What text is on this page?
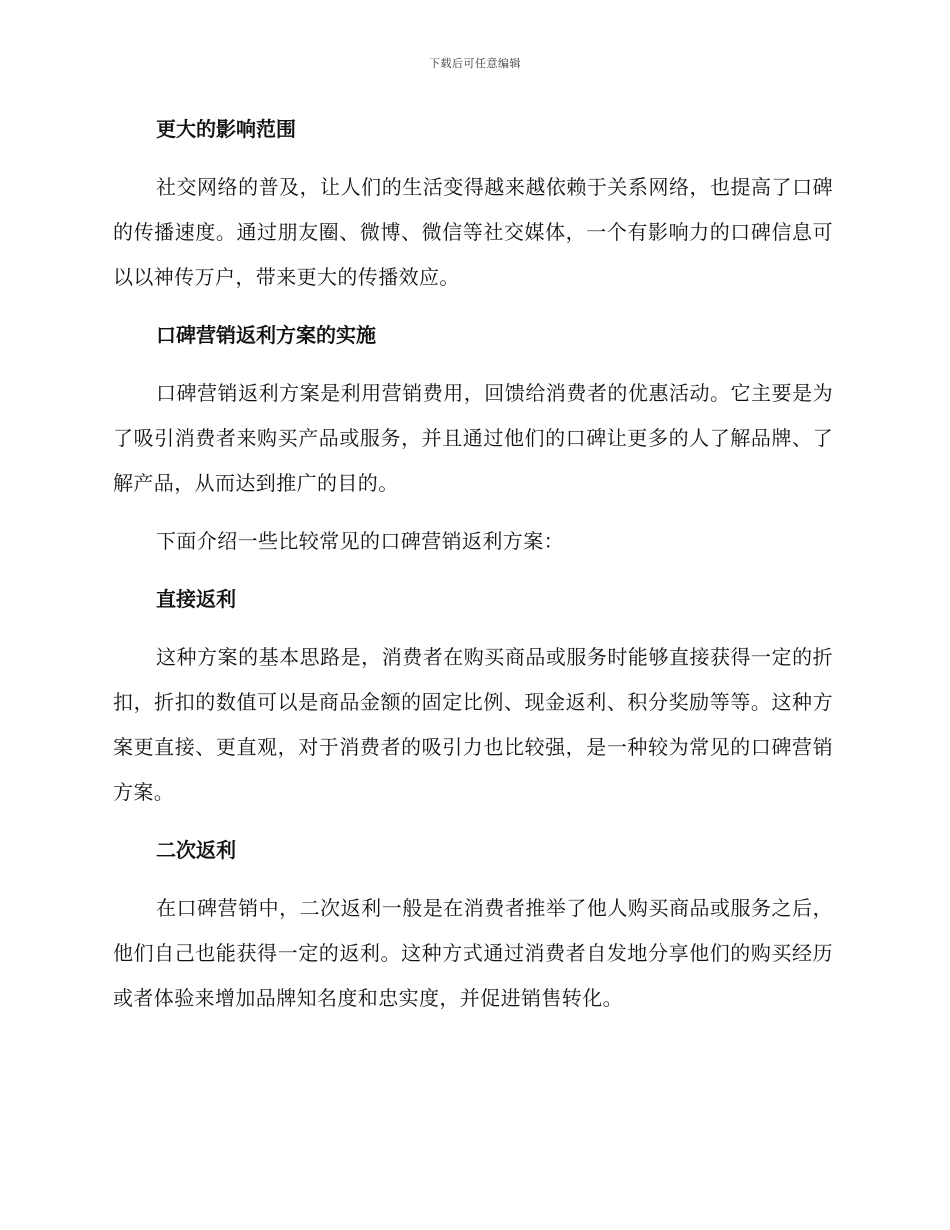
下载后可任意编辑
更大的影响范围

社交网络的普及，让人们的生活变得越来越依赖于关系网络，也提高了口碑的传播速度。通过朋友圈、微博、微信等社交媒体，一个有影响力的口碑信息可以以神传万户，带来更大的传播效应。

口碑营销返利方案的实施

口碑营销返利方案是利用营销费用，回馈给消费者的优惠活动。它主要是为了吸引消费者来购买产品或服务，并且通过他们的口碑让更多的人了解品牌、了解产品，从而达到推广的目的。

下面介绍一些比较常见的口碑营销返利方案：

直接返利

这种方案的基本思路是，消费者在购买商品或服务时能够直接获得一定的折扣，折扣的数值可以是商品金额的固定比例、现金返利、积分奖励等等。这种方案更直接、更直观，对于消费者的吸引力也比较强，是一种较为常见的口碑营销方案。

二次返利

在口碑营销中，二次返利一般是在消费者推举了他人购买商品或服务之后，他们自己也能获得一定的返利。这种方式通过消费者自发地分享他们的购买经历或者体验来增加品牌知名度和忠实度，并促进销售转化。
